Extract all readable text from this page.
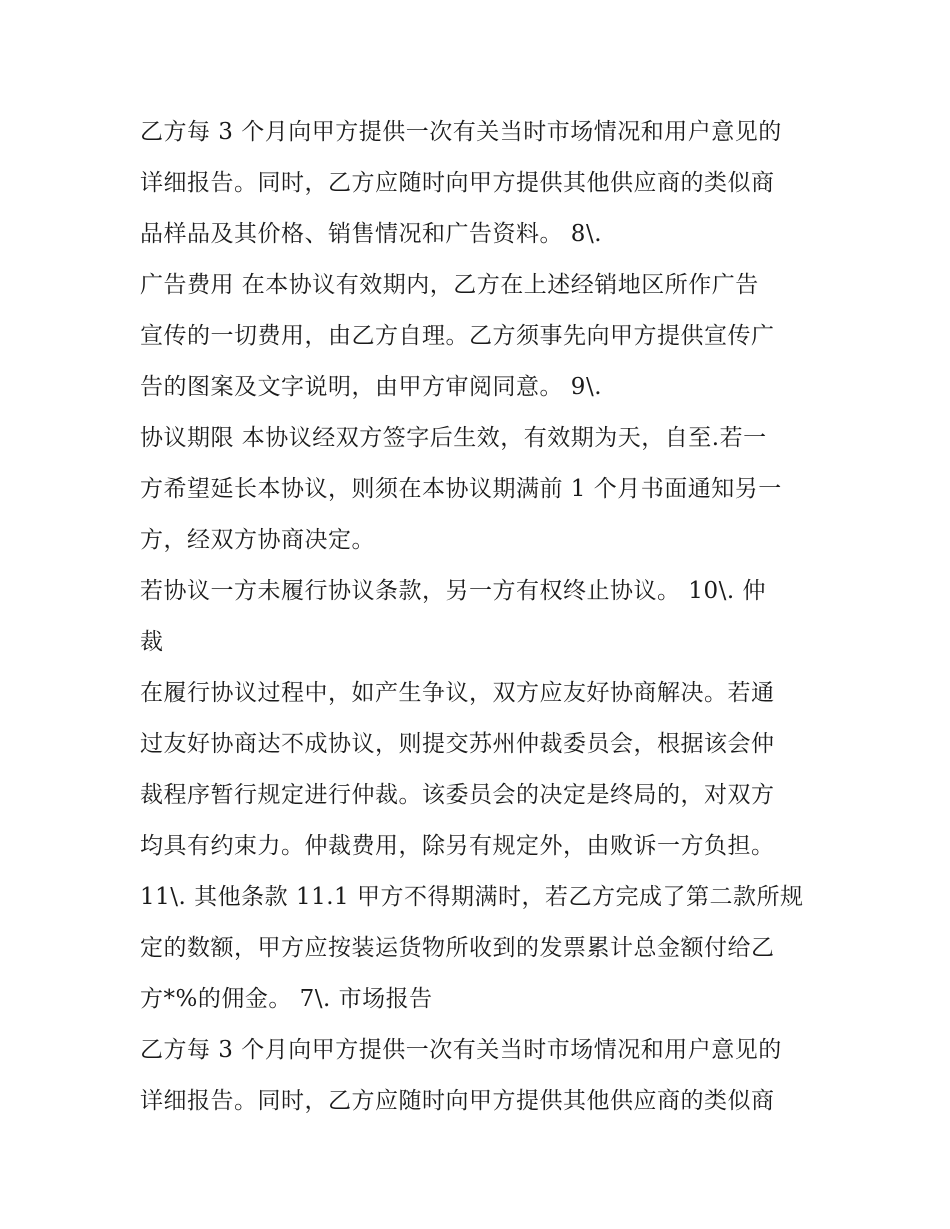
乙方每 3 个月向甲方提供一次有关当时市场情况和用户意见的
详细报告。同时，乙方应随时向甲方提供其他供应商的类似商
品样品及其价格、销售情况和广告资料。 8\.
广告费用 在本协议有效期内，乙方在上述经销地区所作广告
宣传的一切费用，由乙方自理。乙方须事先向甲方提供宣传广
告的图案及文字说明，由甲方审阅同意。 9\.
协议期限 本协议经双方签字后生效，有效期为天，自至.若一
方希望延长本协议，则须在本协议期满前 1 个月书面通知另一
方，经双方协商决定。
若协议一方未履行协议条款，另一方有权终止协议。 10\. 仲
裁
在履行协议过程中，如产生争议，双方应友好协商解决。若通
过友好协商达不成协议，则提交苏州仲裁委员会，根据该会仲
裁程序暂行规定进行仲裁。该委员会的决定是终局的，对双方
均具有约束力。仲裁费用，除另有规定外，由败诉一方负担。
11\. 其他条款 11.1 甲方不得期满时，若乙方完成了第二款所规
定的数额，甲方应按装运货物所收到的发票累计总金额付给乙
方*%的佣金。 7\. 市场报告
乙方每 3 个月向甲方提供一次有关当时市场情况和用户意见的
详细报告。同时，乙方应随时向甲方提供其他供应商的类似商
